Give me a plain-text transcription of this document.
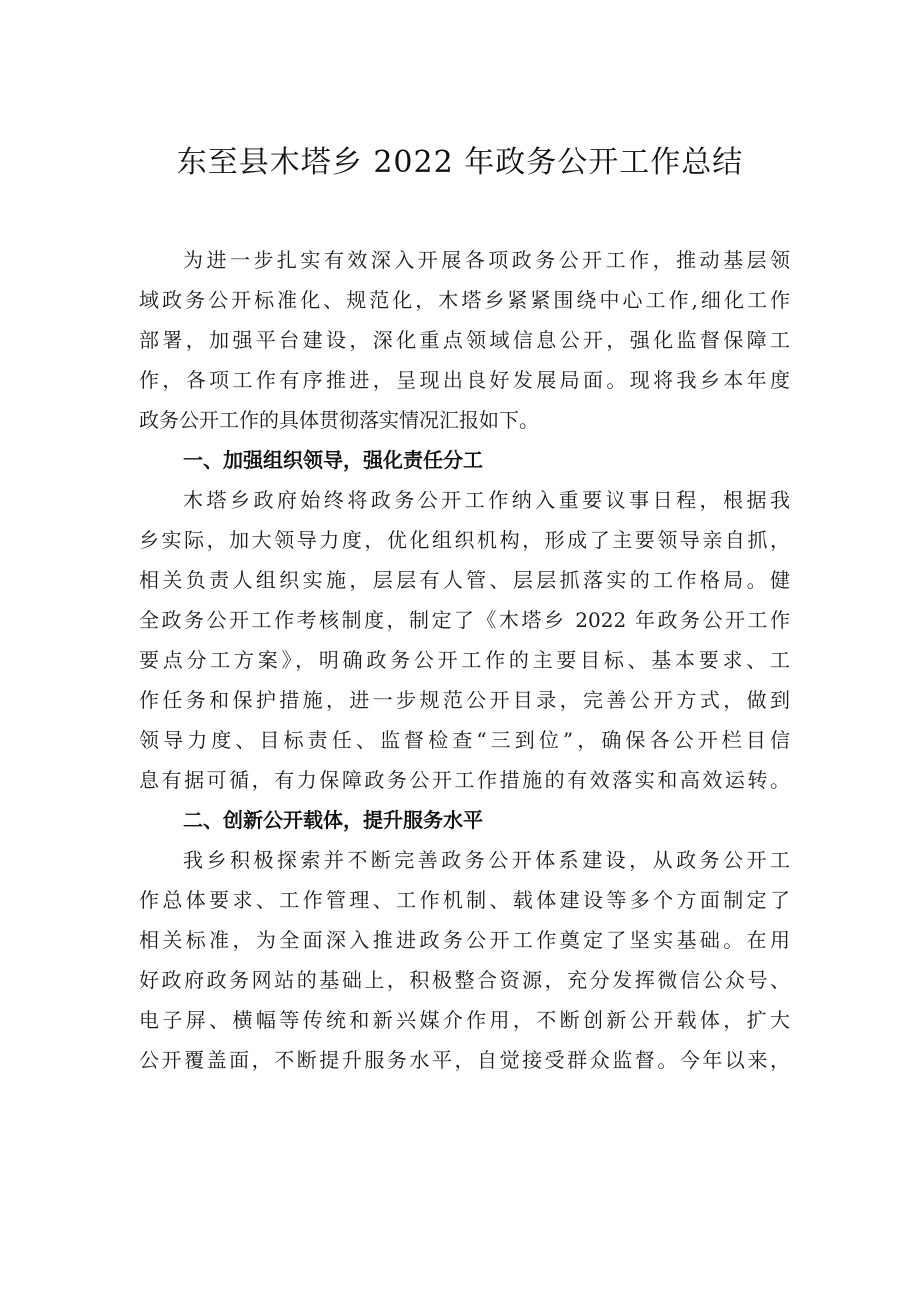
东至县木塔乡 2022 年政务公开工作总结
为进一步扎实有效深入开展各项政务公开工作，推动基层领
域政务公开标准化、规范化，木塔乡紧紧围绕中心工作,细化工作
部署，加强平台建设，深化重点领域信息公开，强化监督保障工
作，各项工作有序推进，呈现出良好发展局面。现将我乡本年度
政务公开工作的具体贯彻落实情况汇报如下。
一、加强组织领导，强化责任分工
木塔乡政府始终将政务公开工作纳入重要议事日程，根据我
乡实际，加大领导力度，优化组织机构，形成了主要领导亲自抓，
相关负责人组织实施，层层有人管、层层抓落实的工作格局。健
全政务公开工作考核制度，制定了《木塔乡 2022 年政务公开工作
要点分工方案》，明确政务公开工作的主要目标、基本要求、工
作任务和保护措施，进一步规范公开目录，完善公开方式，做到
领导力度、目标责任、监督检查“三到位”，确保各公开栏目信
息有据可循，有力保障政务公开工作措施的有效落实和高效运转。
二、创新公开载体，提升服务水平
我乡积极探索并不断完善政务公开体系建设，从政务公开工
作总体要求、工作管理、工作机制、载体建设等多个方面制定了
相关标准，为全面深入推进政务公开工作奠定了坚实基础。在用
好政府政务网站的基础上，积极整合资源，充分发挥微信公众号、
电子屏、横幅等传统和新兴媒介作用，不断创新公开载体，扩大
公开覆盖面，不断提升服务水平，自觉接受群众监督。今年以来，
